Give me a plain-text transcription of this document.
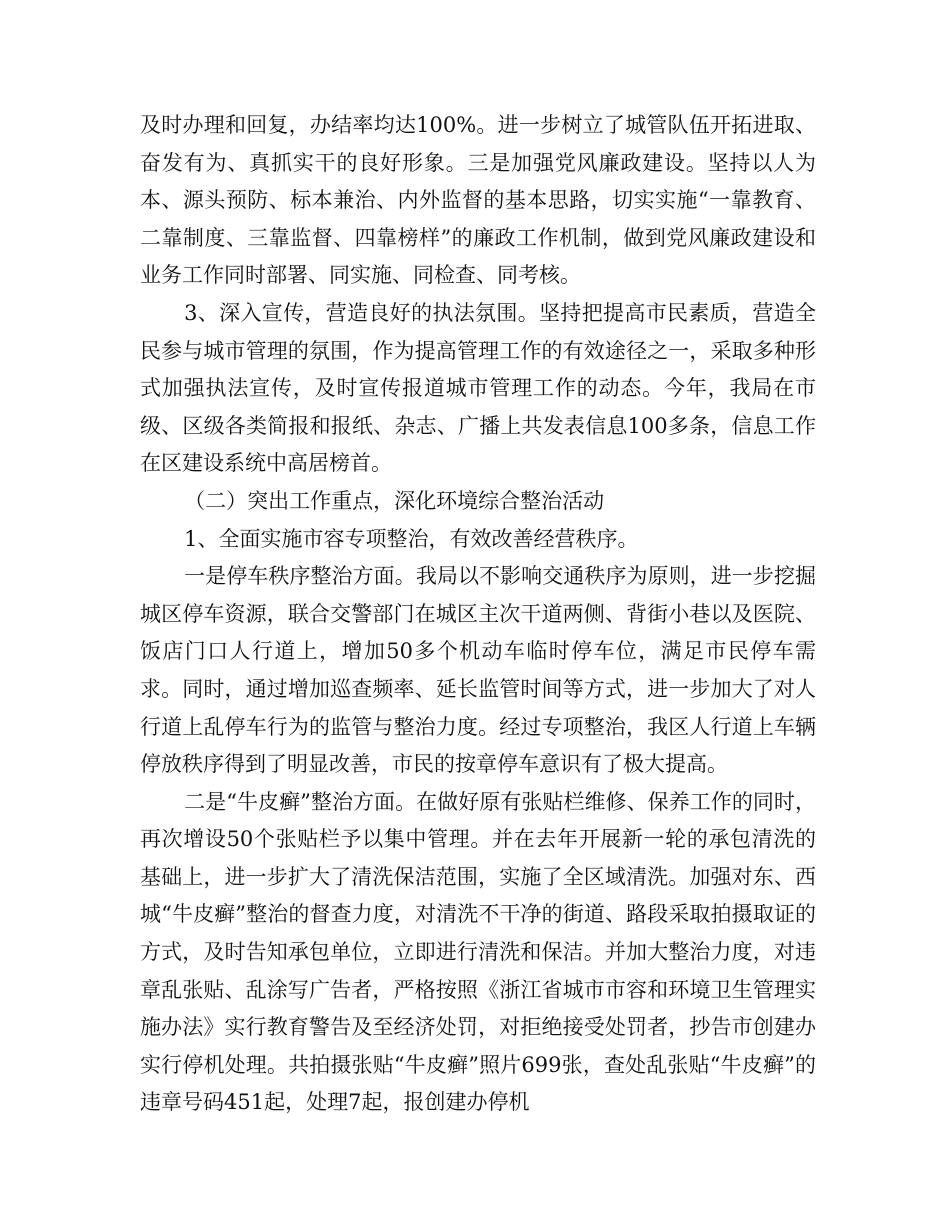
及时办理和回复，办结率均达100%。进一步树立了城管队伍开拓进取、奋发有为、真抓实干的良好形象。三是加强党风廉政建设。坚持以人为本、源头预防、标本兼治、内外监督的基本思路，切实实施“一靠教育、二靠制度、三靠监督、四靠榜样”的廉政工作机制，做到党风廉政建设和业务工作同时部署、同实施、同检查、同考核。

3、深入宣传，营造良好的执法氛围。坚持把提高市民素质，营造全民参与城市管理的氛围，作为提高管理工作的有效途径之一，采取多种形式加强执法宣传，及时宣传报道城市管理工作的动态。今年，我局在市级、区级各类简报和报纸、杂志、广播上共发表信息100多条，信息工作在区建设系统中高居榜首。

（二）突出工作重点，深化环境综合整治活动

1、全面实施市容专项整治，有效改善经营秩序。

一是停车秩序整治方面。我局以不影响交通秩序为原则，进一步挖掘城区停车资源，联合交警部门在城区主次干道两侧、背街小巷以及医院、饭店门口人行道上，增加50多个机动车临时停车位，满足市民停车需求。同时，通过增加巡查频率、延长监管时间等方式，进一步加大了对人行道上乱停车行为的监管与整治力度。经过专项整治，我区人行道上车辆停放秩序得到了明显改善，市民的按章停车意识有了极大提高。

二是“牛皮癣”整治方面。在做好原有张贴栏维修、保养工作的同时，再次增设50个张贴栏予以集中管理。并在去年开展新一轮的承包清洗的基础上，进一步扩大了清洗保洁范围，实施了全区域清洗。加强对东、西城“牛皮癣”整治的督查力度，对清洗不干净的街道、路段采取拍摄取证的方式，及时告知承包单位，立即进行清洗和保洁。并加大整治力度，对违章乱张贴、乱涂写广告者，严格按照《浙江省城市市容和环境卫生管理实施办法》实行教育警告及至经济处罚，对拒绝接受处罚者，抄告市创建办实行停机处理。共拍摄张贴“牛皮癣”照片699张，查处乱张贴“牛皮癣”的违章号码451起，处理7起，报创建办停机
